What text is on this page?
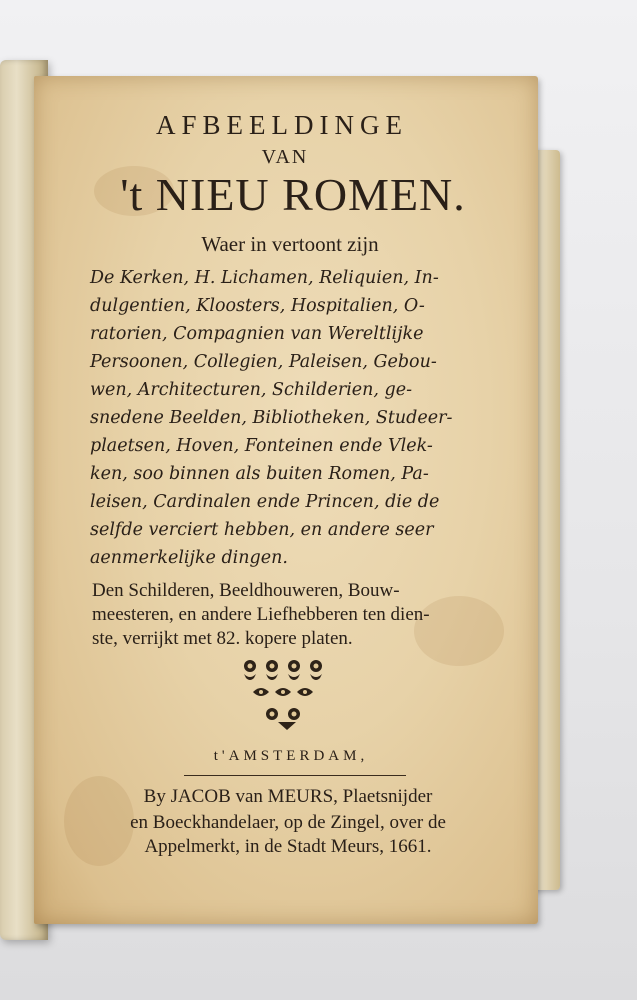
AFBEELDINGE
VAN
't NIEU ROMEN.
Waer in vertoont zijn
De Kerken, H. Lichamen, Reliquien, In-
dulgentien, Kloosters, Hospitalien, O-
ratorien, Compagnien van Wereltlijke
Persoonen, Collegien, Paleisen, Gebou-
wen, Architecturen, Schilderien, ge-
snedene Beelden, Bibliotheken, Studeer-
plaetsen, Hoven, Fonteinen ende Vlek-
ken, soo binnen als buiten Romen, Pa-
leisen, Cardinalen ende Princen, die de
selfde verciert hebben, en andere seer
aenmerkelijke dingen.
Den Schilderen, Beeldhouweren, Bouw-
meesteren, en andere Liefhebberen ten dien-
ste, verrijkt met 82. kopere platen.
t'AMSTERDAM,
By JACOB van MEURS, Plaetsnijder
en Boeckhandelaer, op de Zingel, over de
Appelmerkt, in de Stadt Meurs, 1661.
